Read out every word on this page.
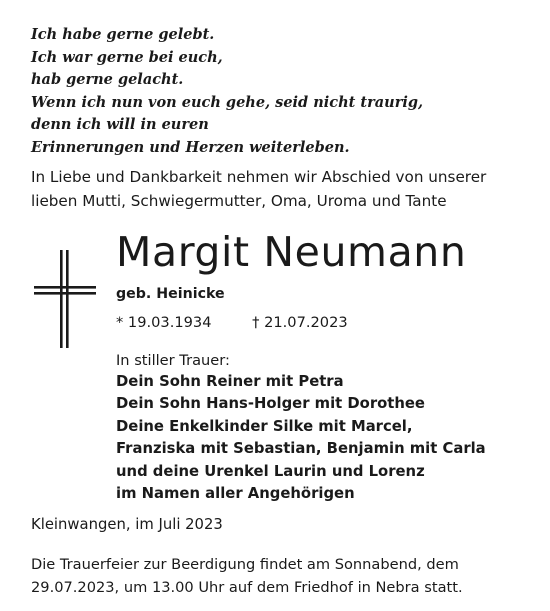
Ich habe gerne gelebt.
Ich war gerne bei euch,
hab gerne gelacht.
Wenn ich nun von euch gehe, seid nicht traurig,
denn ich will in euren
Erinnerungen und Herzen weiterleben.
In Liebe und Dankbarkeit nehmen wir Abschied von unserer
lieben Mutti, Schwiegermutter, Oma, Uroma und Tante
Margit Neumann
geb. Heinicke
* 19.03.1934	† 21.07.2023
In stiller Trauer:
Dein Sohn Reiner mit Petra
Dein Sohn Hans-Holger mit Dorothee
Deine Enkelkinder Silke mit Marcel,
Franziska mit Sebastian, Benjamin mit Carla
und deine Urenkel Laurin und Lorenz
im Namen aller Angehörigen
Kleinwangen, im Juli 2023
Die Trauerfeier zur Beerdigung findet am Sonnabend, dem
29.07.2023, um 13.00 Uhr auf dem Friedhof in Nebra statt.
